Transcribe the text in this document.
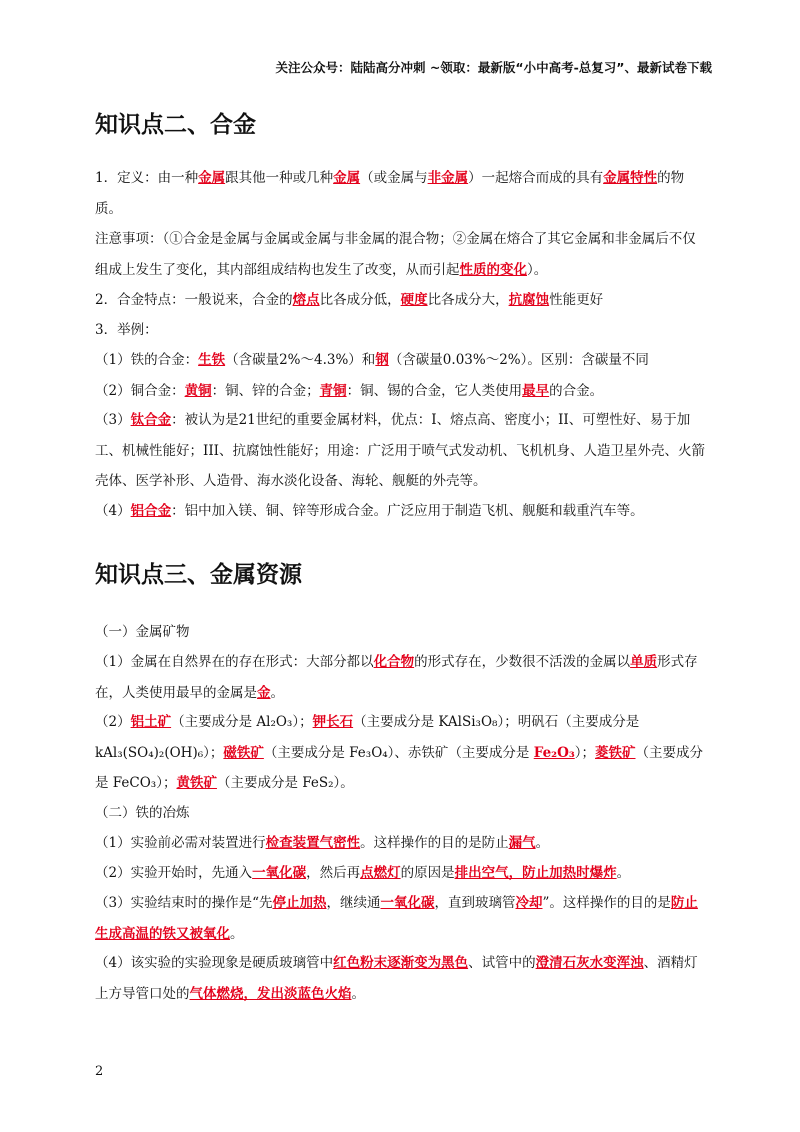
关注公众号：陆陆高分冲刺 ~领取：最新版“小中高考-总复习”、最新试卷下载
知识点二、合金

1．定义：由一种金属跟其他一种或几种金属（或金属与非金属）一起熔合而成的具有金属特性的物质。

注意事项：（①合金是金属与金属或金属与非金属的混合物；②金属在熔合了其它金属和非金属后不仅组成上发生了变化，其内部组成结构也发生了改变，从而引起性质的变化）。

2．合金特点：一般说来，合金的熔点比各成分低，硬度比各成分大，抗腐蚀性能更好

3．举例：

（1）铁的合金：生铁（含碳量2%～4.3%）和钢（含碳量0.03%～2%）。区别：含碳量不同

（2）铜合金：黄铜：铜、锌的合金；青铜：铜、锡的合金，它人类使用最早的合金。

（3）钛合金：被认为是21世纪的重要金属材料，优点：I、熔点高、密度小；II、可塑性好、易于加工、机械性能好；III、抗腐蚀性能好；用途：广泛用于喷气式发动机、飞机机身、人造卫星外壳、火箭壳体、医学补形、人造骨、海水淡化设备、海轮、舰艇的外壳等。

（4）铝合金：铝中加入镁、铜、锌等形成合金。广泛应用于制造飞机、舰艇和载重汽车等。

知识点三、金属资源

（一）金属矿物

（1）金属在自然界在的存在形式：大部分都以化合物的形式存在，少数很不活泼的金属以单质形式存在，人类使用最早的金属是金。

（2）铝土矿（主要成分是 Al₂O₃）；钾长石（主要成分是 KAlSi₃O₈）；明矾石（主要成分是 kAl₃(SO₄)₂(OH)₆）；磁铁矿（主要成分是 Fe₃O₄）、赤铁矿（主要成分是 Fe₂O₃）；菱铁矿（主要成分是 FeCO₃）；黄铁矿（主要成分是 FeS₂）。

（二）铁的冶炼

（1）实验前必需对装置进行检查装置气密性。这样操作的目的是防止漏气。

（2）实验开始时，先通入一氧化碳，然后再点燃灯的原因是排出空气，防止加热时爆炸。

（3）实验结束时的操作是“先停止加热，继续通一氧化碳，直到玻璃管冷却”。这样操作的目的是防止生成高温的铁又被氧化。

（4）该实验的实验现象是硬质玻璃管中红色粉末逐渐变为黑色、试管中的澄清石灰水变浑浊、酒精灯上方导管口处的气体燃烧，发出淡蓝色火焰。

2
